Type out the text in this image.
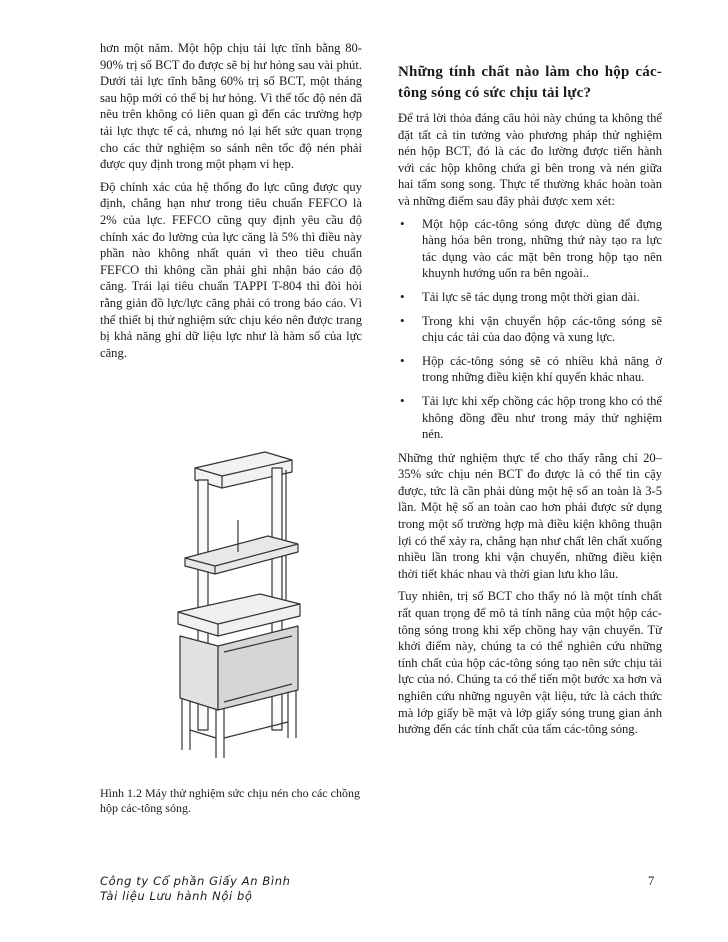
hơn một năm. Một hộp chịu tải lực tĩnh bằng 80-90% trị số BCT đo được sẽ bị hư hỏng sau vài phút. Dưới tải lực tĩnh bằng 60% trị số BCT, một tháng sau hộp mới có thể bị hư hỏng. Vì thế tốc độ nén đã nêu trên không có liên quan gì đến các trường hợp tải lực thực tế cả, nhưng nó lại hết sức quan trọng cho các thử nghiệm so sánh nên tốc độ nén phải được quy định trong một phạm vi hẹp.

Độ chính xác của hệ thống đo lực cũng được quy định, chẳng hạn như trong tiêu chuẩn FEFCO là 2% của lực. FEFCO cũng quy định yêu cầu độ chính xác đo lường của lực căng là 5% thì điều này phần nào không nhất quán vì theo tiêu chuẩn FEFCO thì không cần phải ghi nhận báo cáo độ căng. Trái lại tiêu chuẩn TAPPI T-804 thì đòi hỏi rằng giản đồ lực/lực căng phải có trong báo cáo. Vì thế thiết bị thử nghiệm sức chịu kéo nên được trang bị khả năng ghi dữ liệu lực như là hàm số của lực căng.

Hình 1.2 Máy thử nghiệm sức chịu nén cho các chồng hộp các-tông sóng.
Những tính chất nào làm cho hộp các-tông sóng có sức chịu tải lực?

Để trả lời thỏa đáng câu hỏi này chúng ta không thể đặt tất cả tin tưởng vào phương pháp thử nghiệm nén hộp BCT, đó là các đo lường được tiến hành với các hộp không chứa gì bên trong và nén giữa hai tấm song song. Thực tế thường khác hoàn toàn và những điểm sau đây phải được xem xét:

• Một hộp các-tông sóng được dùng để đựng hàng hóa bên trong, những thứ này tạo ra lực tác dụng vào các mặt bên trong hộp tạo nên khuynh hướng uốn ra bên ngoài..
• Tải lực sẽ tác dụng trong một thời gian dài.
• Trong khi vận chuyển hộp các-tông sóng sẽ chịu các tải của dao động và xung lực.
• Hộp các-tông sóng sẽ có nhiều khả năng ở trong những điều kiện khí quyển khác nhau.
• Tải lực khi xếp chồng các hộp trong kho có thể không đồng đều như trong máy thử nghiệm nén.

Những thử nghiệm thực tế cho thấy rằng chỉ 20–35% sức chịu nén BCT đo được là có thể tin cậy được, tức là cần phải dùng một hệ số an toàn là 3-5 lần. Một hệ số an toàn cao hơn phải được sử dụng trong một số trường hợp mà điều kiện không thuận lợi có thể xảy ra, chẳng hạn như chất lên chất xuống nhiều lần trong khi vận chuyển, những điều kiện thời tiết khác nhau và thời gian lưu kho lâu.

Tuy nhiên, trị số BCT cho thấy nó là một tính chất rất quan trọng để mô tả tính năng của một hộp các-tông sóng trong khi xếp chồng hay vận chuyển. Từ khởi điểm này, chúng ta có thể nghiên cứu những tính chất của hộp các-tông sóng tạo nên sức chịu tải lực của nó. Chúng ta có thể tiến một bước xa hơn và nghiên cứu những nguyên vật liệu, tức là cách thức mà lớp giấy bề mặt và lớp giấy sóng trung gian ảnh hưởng đến các tính chất của tấm các-tông sóng.

Công ty Cổ phần Giấy An Bình
Tài liệu Lưu hành Nội bộ
7
